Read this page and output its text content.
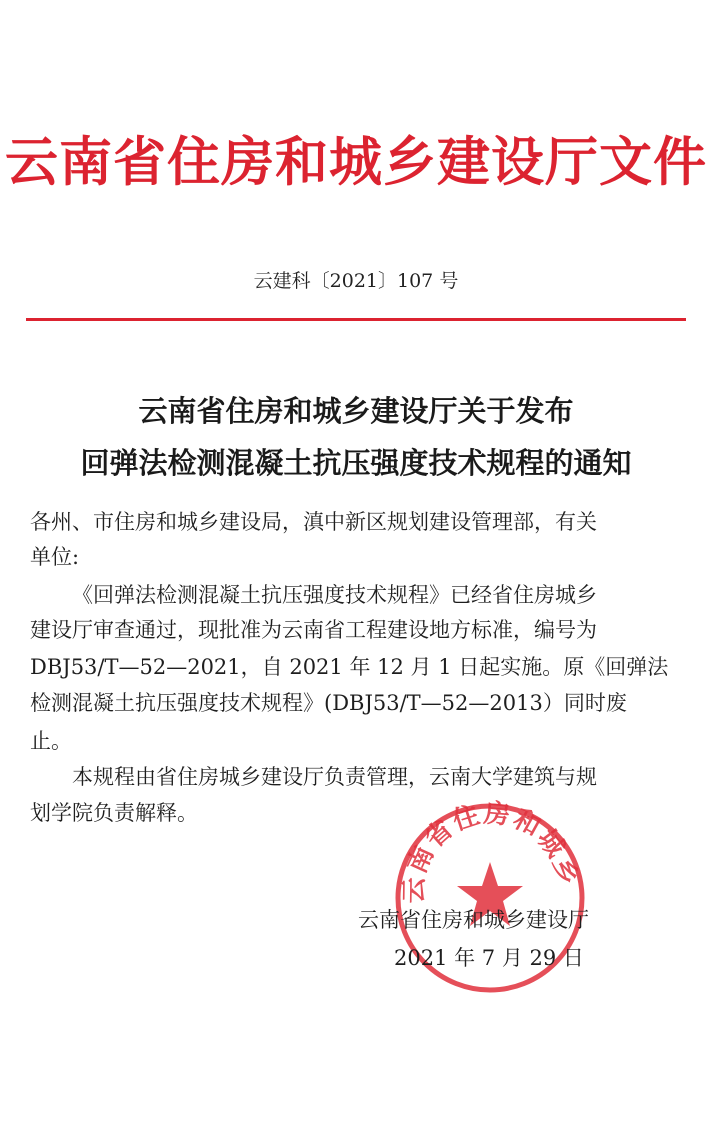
云南省住房和城乡建设厅文件
云建科〔2021〕107 号
云南省住房和城乡建设厅关于发布
回弹法检测混凝土抗压强度技术规程的通知
各州、市住房和城乡建设局，滇中新区规划建设管理部，有关
单位:
《回弹法检测混凝土抗压强度技术规程》已经省住房城乡
建设厅审查通过，现批准为云南省工程建设地方标准，编号为
DBJ53/T—52—2021，自 2021 年 12 月 1 日起实施。原《回弹法
检测混凝土抗压强度技术规程》(DBJ53/T—52—2013）同时废
止。
本规程由省住房城乡建设厅负责管理，云南大学建筑与规
划学院负责解释。
云南省住房和城乡
云南省住房和城乡建设厅
2021 年 7 月 29 日
